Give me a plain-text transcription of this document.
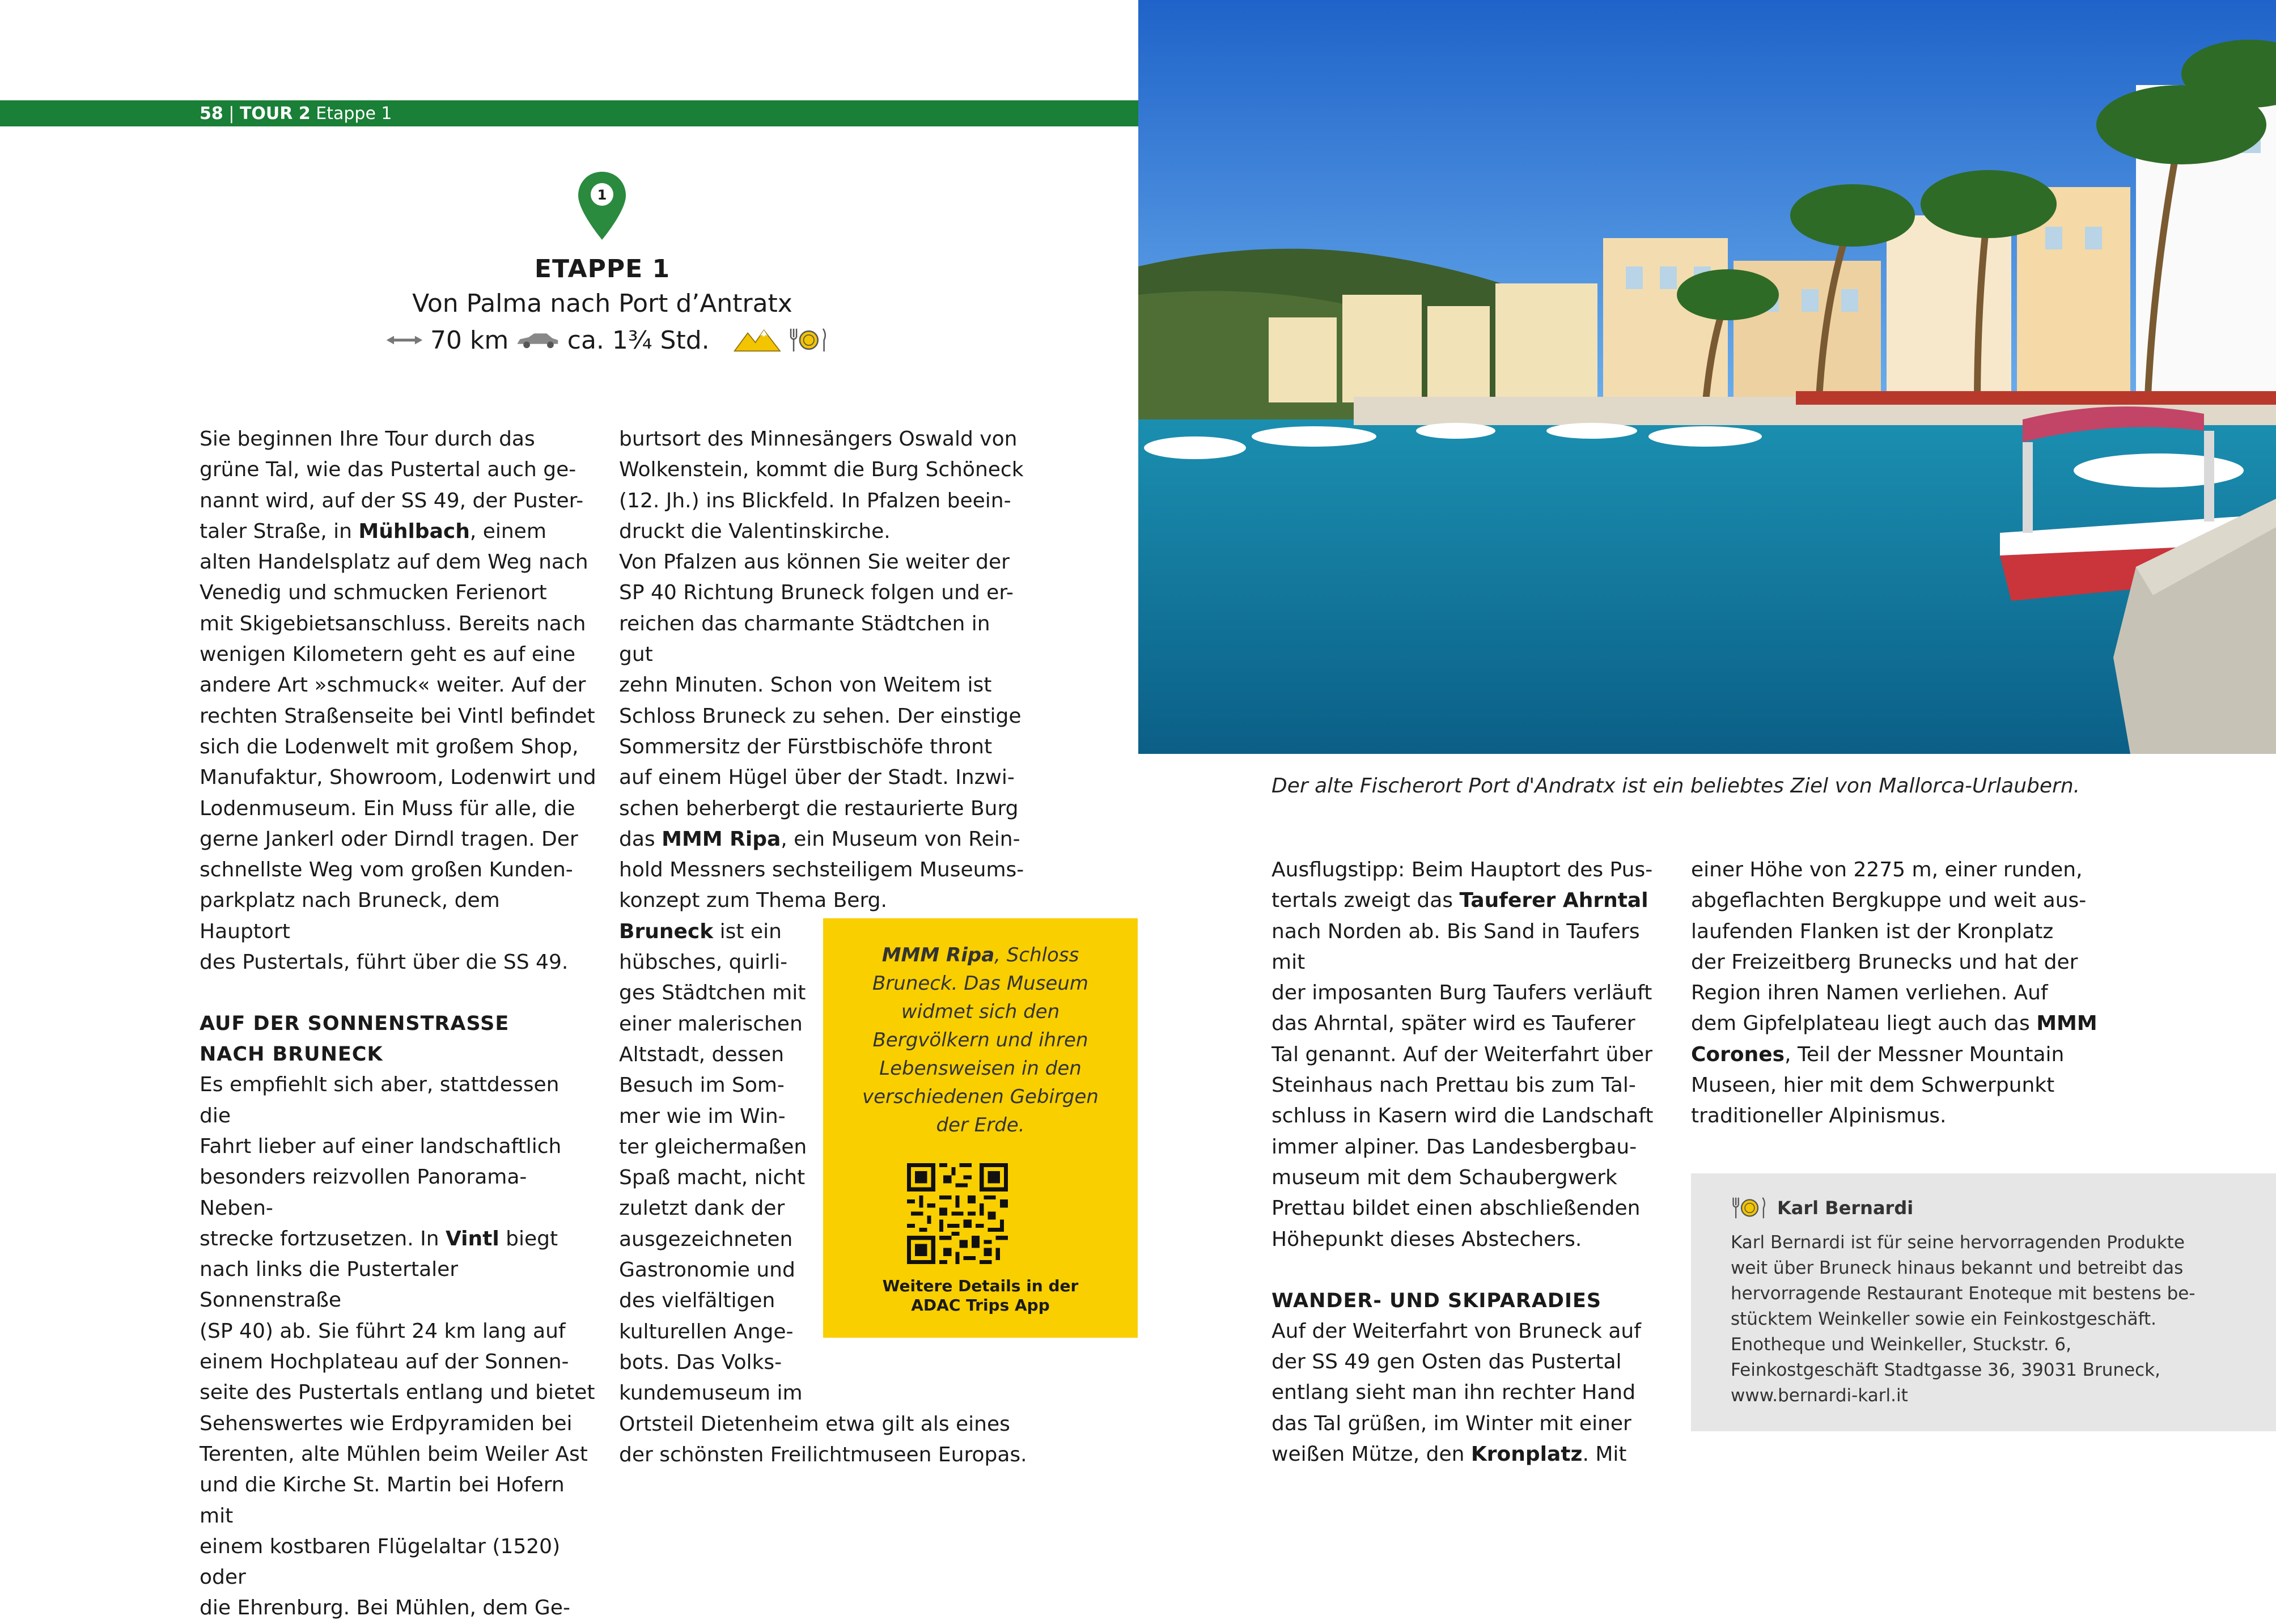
58 | TOUR 2 Etappe 1
Der alte Fischerort Port d'Andratx ist ein beliebtes Ziel von Mallorca-Urlaubern.
1
ETAPPE 1
Von Palma nach Port d’Antratx
70 km ca. 1¾ Std.

Sie beginnen Ihre Tour durch das
grüne Tal, wie das Pustertal auch ge-
nannt wird, auf der SS 49, der Puster-
taler Straße, in Mühlbach, einem
alten Handelsplatz auf dem Weg nach
Venedig und schmucken Ferienort
mit Skigebietsanschluss. Bereits nach
wenigen Kilometern geht es auf eine
andere Art »schmuck« weiter. Auf der
rechten Straßenseite bei Vintl befindet
sich die Lodenwelt mit großem Shop,
Manufaktur, Showroom, Lodenwirt und
Lodenmuseum. Ein Muss für alle, die
gerne Jankerl oder Dirndl tragen. Der
schnellste Weg vom großen Kunden-
parkplatz nach Bruneck, dem Hauptort
des Pustertals, führt über die SS 49.

AUF DER SONNENSTRASSE
NACH BRUNECK

Es empfiehlt sich aber, stattdessen die
Fahrt lieber auf einer landschaftlich
besonders reizvollen Panorama-Neben-
strecke fortzusetzen. In Vintl biegt
nach links die Pustertaler Sonnenstraße
(SP 40) ab. Sie führt 24 km lang auf
einem Hochplateau auf der Sonnen-
seite des Pustertals entlang und bietet
Sehenswertes wie Erdpyramiden bei
Terenten, alte Mühlen beim Weiler Ast
und die Kirche St. Martin bei Hofern mit
einem kostbaren Flügelaltar (1520) oder
die Ehrenburg. Bei Mühlen, dem Ge-

burtsort des Minnesängers Oswald von
Wolkenstein, kommt die Burg Schöneck
(12. Jh.) ins Blickfeld. In Pfalzen beein-
druckt die Valentinskirche.
Von Pfalzen aus können Sie weiter der
SP 40 Richtung Bruneck folgen und er-
reichen das charmante Städtchen in gut
zehn Minuten. Schon von Weitem ist
Schloss Bruneck zu sehen. Der einstige
Sommersitz der Fürstbischöfe thront
auf einem Hügel über der Stadt. Inzwi-
schen beherbergt die restaurierte Burg
das MMM Ripa, ein Museum von Rein-
hold Messners sechsteiligem Museums-
konzept zum Thema Berg.

Bruneck ist ein
hübsches, quirli-
ges Städtchen mit
einer malerischen
Altstadt, dessen
Besuch im Som-
mer wie im Win-
ter gleichermaßen
Spaß macht, nicht
zuletzt dank der
ausgezeichneten
Gastronomie und
des vielfältigen
kulturellen Ange-
bots. Das Volks-
kundemuseum im

Ortsteil Dietenheim etwa gilt als eines
der schönsten Freilichtmuseen Europas.

MMM Ripa, Schloss Bruneck. Das Museum widmet sich den Bergvölkern und ihren Lebensweisen in den verschiedenen Gebirgen der Erde.
Weitere Details in der
ADAC Trips App

Ausflugstipp: Beim Hauptort des Pus-
tertals zweigt das Tauferer Ahrntal
nach Norden ab. Bis Sand in Taufers mit
der imposanten Burg Taufers verläuft
das Ahrntal, später wird es Tauferer
Tal genannt. Auf der Weiterfahrt über
Steinhaus nach Prettau bis zum Tal-
schluss in Kasern wird die Landschaft
immer alpiner. Das Landesbergbau-
museum mit dem Schaubergwerk
Prettau bildet einen abschließenden
Höhepunkt dieses Abstechers.

WANDER- UND SKIPARADIES

Auf der Weiterfahrt von Bruneck auf
der SS 49 gen Osten das Pustertal
entlang sieht man ihn rechter Hand
das Tal grüßen, im Winter mit einer
weißen Mütze, den Kronplatz. Mit

einer Höhe von 2275 m, einer runden,
abgeflachten Bergkuppe und weit aus-
laufenden Flanken ist der Kronplatz
der Freizeitberg Brunecks und hat der
Region ihren Namen verliehen. Auf
dem Gipfelplateau liegt auch das MMM
Corones, Teil der Messner Mountain
Museen, hier mit dem Schwerpunkt
traditioneller Alpinismus.

Karl Bernardi
Karl Bernardi ist für seine hervorragenden Produkte
weit über Bruneck hinaus bekannt und betreibt das
hervorragende Restaurant Enoteque mit bestens be-
stücktem Weinkeller sowie ein Feinkostgeschäft.
Enotheque und Weinkeller, Stuckstr. 6,
Feinkostgeschäft Stadtgasse 36, 39031 Bruneck,
www.bernardi-karl.it
